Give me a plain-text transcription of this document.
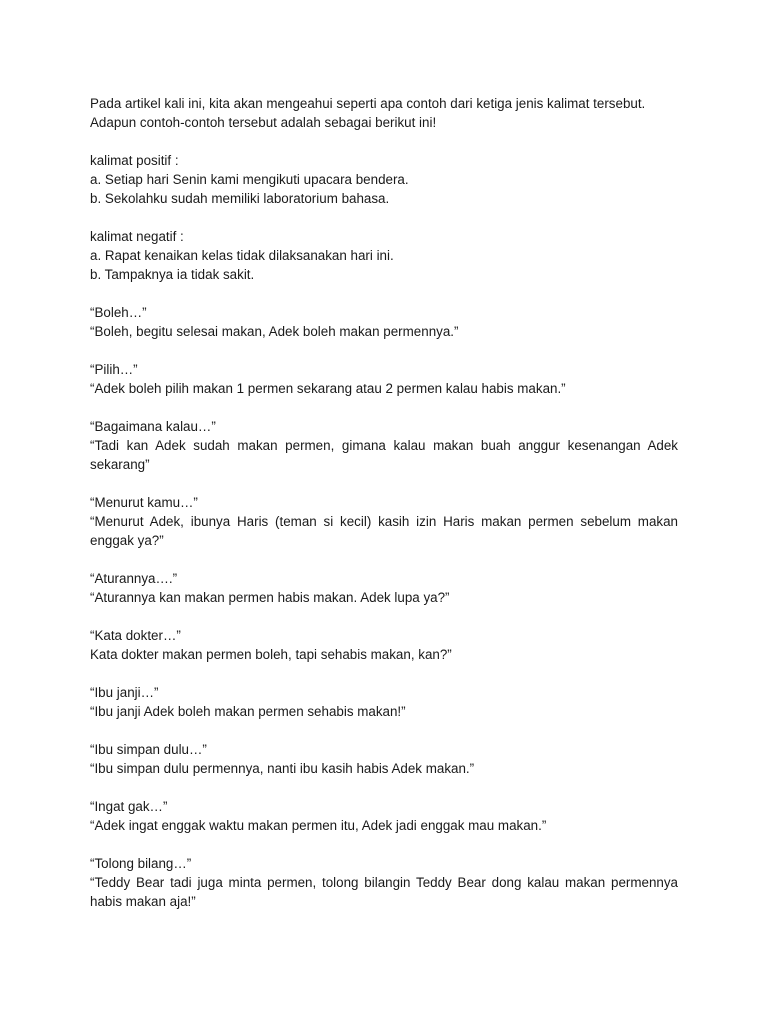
Pada artikel kali ini, kita akan mengeahui seperti apa contoh dari ketiga jenis kalimat tersebut.
Adapun contoh-contoh tersebut adalah sebagai berikut ini!

kalimat positif :
a. Setiap hari Senin kami mengikuti upacara bendera.
b. Sekolahku sudah memiliki laboratorium bahasa.

kalimat negatif :
a. Rapat kenaikan kelas tidak dilaksanakan hari ini.
b. Tampaknya ia tidak sakit.

“Boleh…”
“Boleh, begitu selesai makan, Adek boleh makan permennya.”

“Pilih…”
“Adek boleh pilih makan 1 permen sekarang atau 2 permen kalau habis makan.”

“Bagaimana kalau…”
“Tadi kan Adek sudah makan permen, gimana kalau makan buah anggur kesenangan Adek sekarang”

“Menurut kamu…”
“Menurut Adek, ibunya Haris (teman si kecil) kasih izin Haris makan permen sebelum makan enggak ya?”

“Aturannya….”
“Aturannya kan makan permen habis makan. Adek lupa ya?”

“Kata dokter…”
Kata dokter makan permen boleh, tapi sehabis makan, kan?”

“Ibu janji…”
“Ibu janji Adek boleh makan permen sehabis makan!”

“Ibu simpan dulu…”
“Ibu simpan dulu permennya, nanti ibu kasih habis Adek makan.”

“Ingat gak…”
“Adek ingat enggak waktu makan permen itu, Adek jadi enggak mau makan.”

“Tolong bilang…”
“Teddy Bear tadi juga minta permen, tolong bilangin Teddy Bear dong kalau makan permennya habis makan aja!”
